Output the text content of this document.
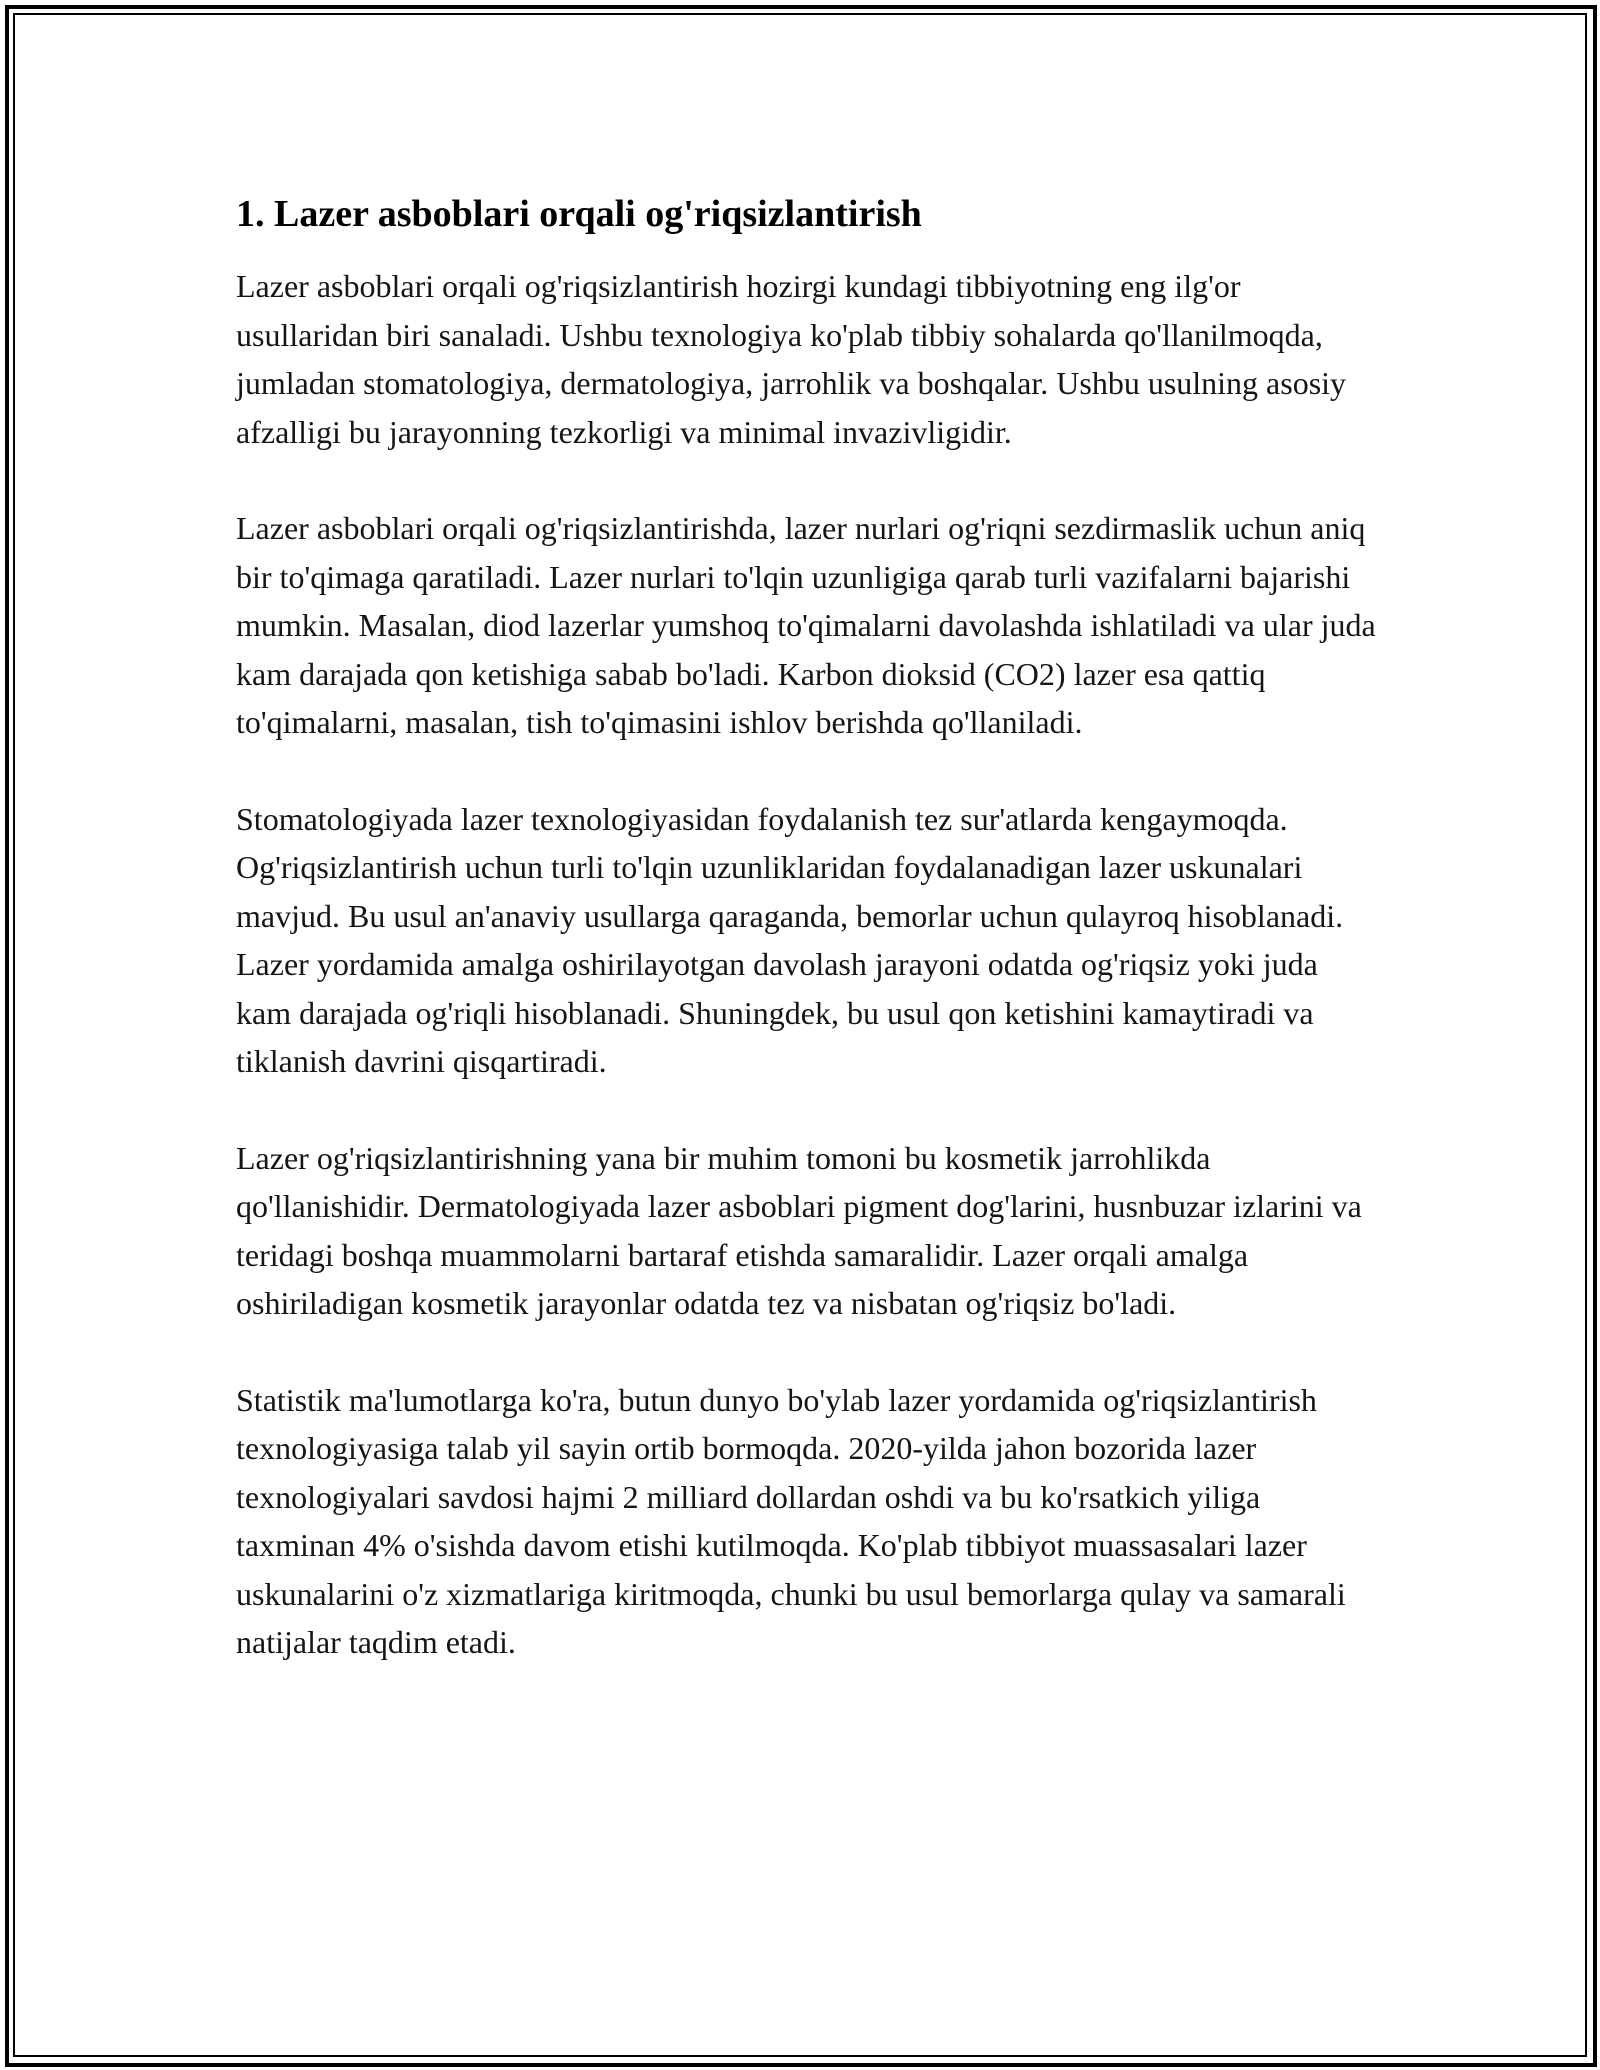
1. Lazer asboblari orqali og'riqsizlantirish

Lazer asboblari orqali og'riqsizlantirish hozirgi kundagi tibbiyotning eng ilg'or usullaridan biri sanaladi. Ushbu texnologiya ko'plab tibbiy sohalarda qo'llanilmoqda, jumladan stomatologiya, dermatologiya, jarrohlik va boshqalar. Ushbu usulning asosiy afzalligi bu jarayonning tezkorligi va minimal invazivligidir.

Lazer asboblari orqali og'riqsizlantirishda, lazer nurlari og'riqni sezdirmaslik uchun aniq bir to'qimaga qaratiladi. Lazer nurlari to'lqin uzunligiga qarab turli vazifalarni bajarishi mumkin. Masalan, diod lazerlar yumshoq to'qimalarni davolashda ishlatiladi va ular juda kam darajada qon ketishiga sabab bo'ladi. Karbon dioksid (CO2) lazer esa qattiq to'qimalarni, masalan, tish to'qimasini ishlov berishda qo'llaniladi.

Stomatologiyada lazer texnologiyasidan foydalanish tez sur'atlarda kengaymoqda. Og'riqsizlantirish uchun turli to'lqin uzunliklaridan foydalanadigan lazer uskunalari mavjud. Bu usul an'anaviy usullarga qaraganda, bemorlar uchun qulayroq hisoblanadi. Lazer yordamida amalga oshirilayotgan davolash jarayoni odatda og'riqsiz yoki juda kam darajada og'riqli hisoblanadi. Shuningdek, bu usul qon ketishini kamaytiradi va tiklanish davrini qisqartiradi.

Lazer og'riqsizlantirishning yana bir muhim tomoni bu kosmetik jarrohlikda qo'llanishidir. Dermatologiyada lazer asboblari pigment dog'larini, husnbuzar izlarini va teridagi boshqa muammolarni bartaraf etishda samaralidir. Lazer orqali amalga oshiriladigan kosmetik jarayonlar odatda tez va nisbatan og'riqsiz bo'ladi.

Statistik ma'lumotlarga ko'ra, butun dunyo bo'ylab lazer yordamida og'riqsizlantirish texnologiyasiga talab yil sayin ortib bormoqda. 2020-yilda jahon bozorida lazer texnologiyalari savdosi hajmi 2 milliard dollardan oshdi va bu ko'rsatkich yiliga taxminan 4% o'sishda davom etishi kutilmoqda. Ko'plab tibbiyot muassasalari lazer uskunalarini o'z xizmatlariga kiritmoqda, chunki bu usul bemorlarga qulay va samarali natijalar taqdim etadi.
